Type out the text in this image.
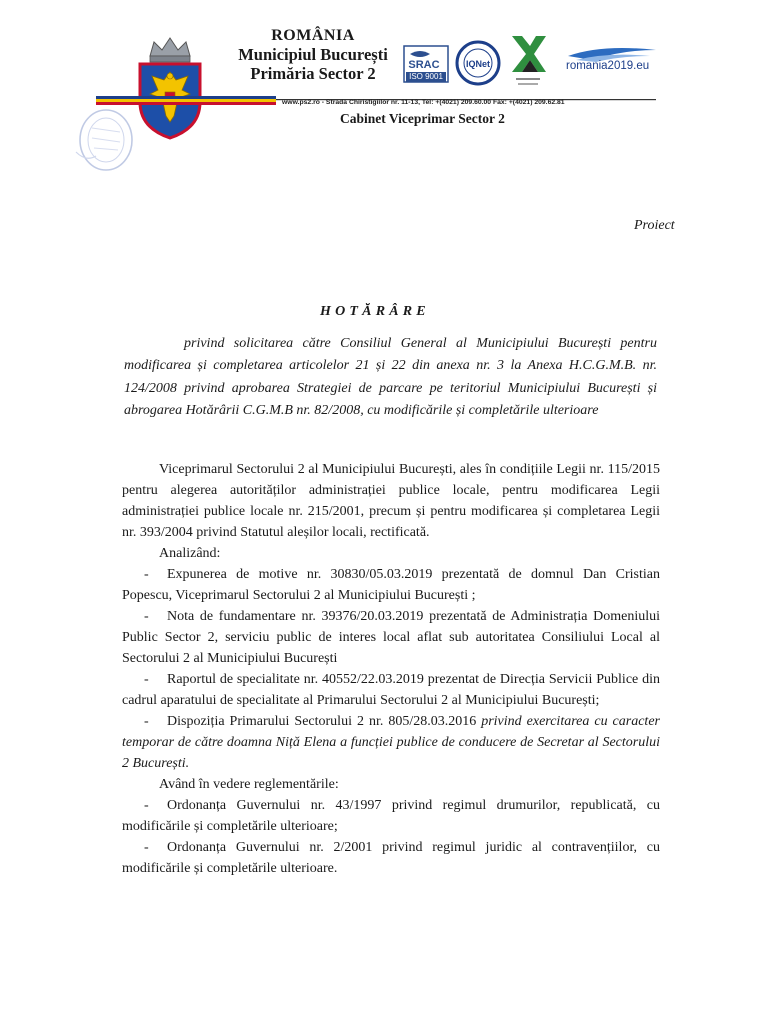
ROMÂNIA
Municipiul București
Primăria Sector 2	SRAC
ISO 9001
IQNet	romania2019.eu
www.ps2.ro - Strada Chiristigiilor nr. 11-13, Tel: +(4021) 209.60.00 Fax: +(4021) 209.62.81
Cabinet Viceprimar Sector 2
Proiect
HOTĂRÂRE
privind solicitarea către Consiliul General al Municipiului București pentru modificarea și completarea articolelor 21 și 22 din anexa nr. 3 la Anexa H.C.G.M.B. nr. 124/2008 privind aprobarea Strategiei de parcare pe teritoriul Municipiului București și abrogarea Hotărârii C.G.M.B nr. 82/2008, cu modificările și completările ulterioare

Viceprimarul Sectorului 2 al Municipiului București, ales în condițiile Legii nr. 115/2015 pentru alegerea autorităților administrației publice locale, pentru modificarea Legii administrației publice locale nr. 215/2001, precum și pentru modificarea și completarea Legii nr. 393/2004 privind Statutul aleșilor locali, rectificată.

Analizând:

- Expunerea de motive nr. 30830/05.03.2019 prezentată de domnul Dan Cristian Popescu, Viceprimarul Sectorului 2 al Municipiului București ;

- Nota de fundamentare nr. 39376/20.03.2019 prezentată de Administrația Domeniului Public Sector 2, serviciu public de interes local aflat sub autoritatea Consiliului Local al Sectorului 2 al Municipiului București

- Raportul de specialitate nr. 40552/22.03.2019 prezentat de Direcția Servicii Publice din cadrul aparatului de specialitate al Primarului Sectorului 2 al Municipiului București;

- Dispoziția Primarului Sectorului 2 nr. 805/28.03.2016 privind exercitarea cu caracter temporar de către doamna Niță Elena a funcției publice de conducere de Secretar al Sectorului 2 București.

Având în vedere reglementările:

- Ordonanța Guvernului nr. 43/1997 privind regimul drumurilor, republicată, cu modificările și completările ulterioare;

- Ordonanța Guvernului nr. 2/2001 privind regimul juridic al contravențiilor, cu modificările și completările ulterioare.
